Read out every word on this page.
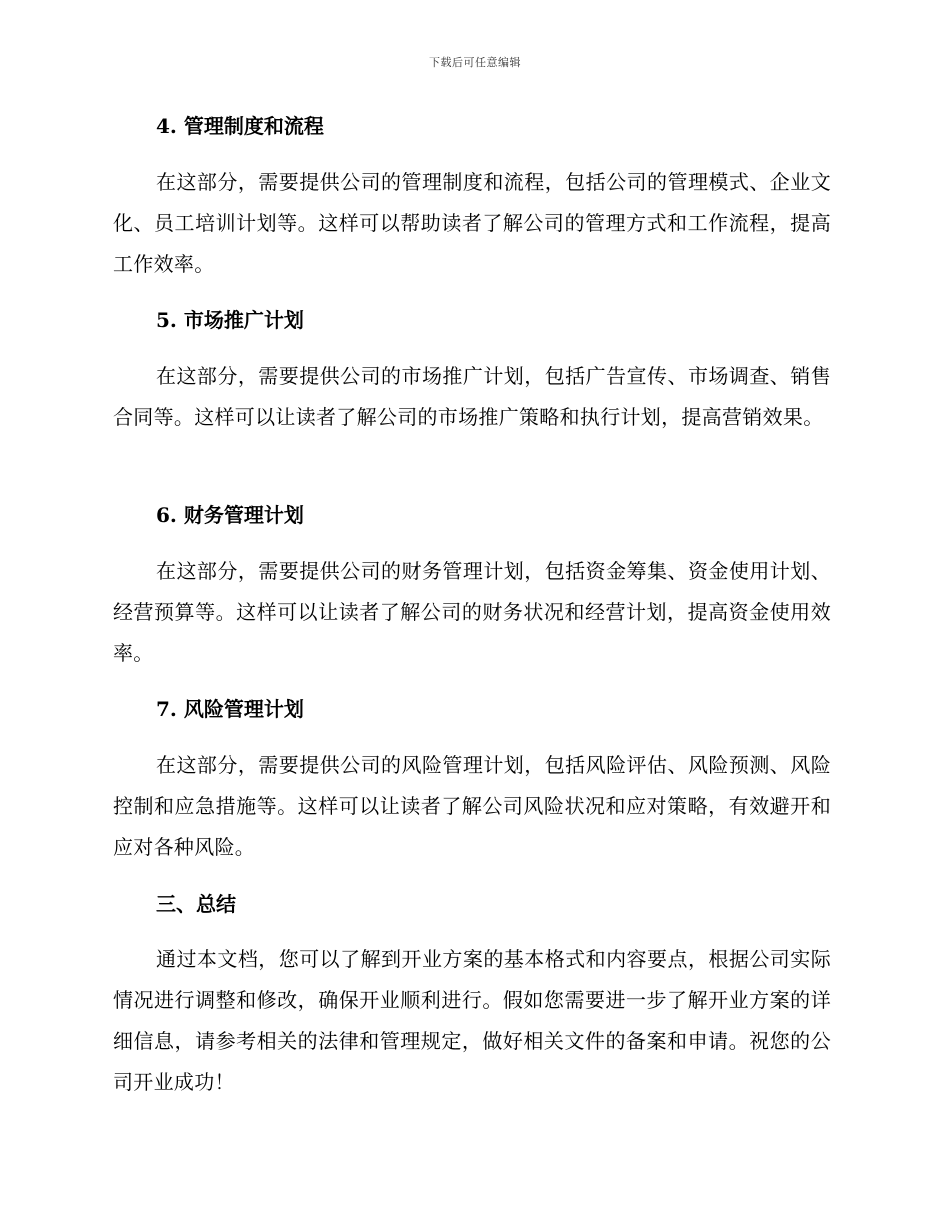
下载后可任意编辑
4. 管理制度和流程
在这部分，需要提供公司的管理制度和流程，包括公司的管理模式、企业文化、员工培训计划等。这样可以帮助读者了解公司的管理方式和工作流程，提高工作效率。
5. 市场推广计划
在这部分，需要提供公司的市场推广计划，包括广告宣传、市场调查、销售合同等。这样可以让读者了解公司的市场推广策略和执行计划，提高营销效果。
6. 财务管理计划
在这部分，需要提供公司的财务管理计划，包括资金筹集、资金使用计划、经营预算等。这样可以让读者了解公司的财务状况和经营计划，提高资金使用效率。
7. 风险管理计划
在这部分，需要提供公司的风险管理计划，包括风险评估、风险预测、风险控制和应急措施等。这样可以让读者了解公司风险状况和应对策略，有效避开和应对各种风险。
三、总结
通过本文档，您可以了解到开业方案的基本格式和内容要点，根据公司实际情况进行调整和修改，确保开业顺利进行。假如您需要进一步了解开业方案的详细信息，请参考相关的法律和管理规定，做好相关文件的备案和申请。祝您的公司开业成功！
